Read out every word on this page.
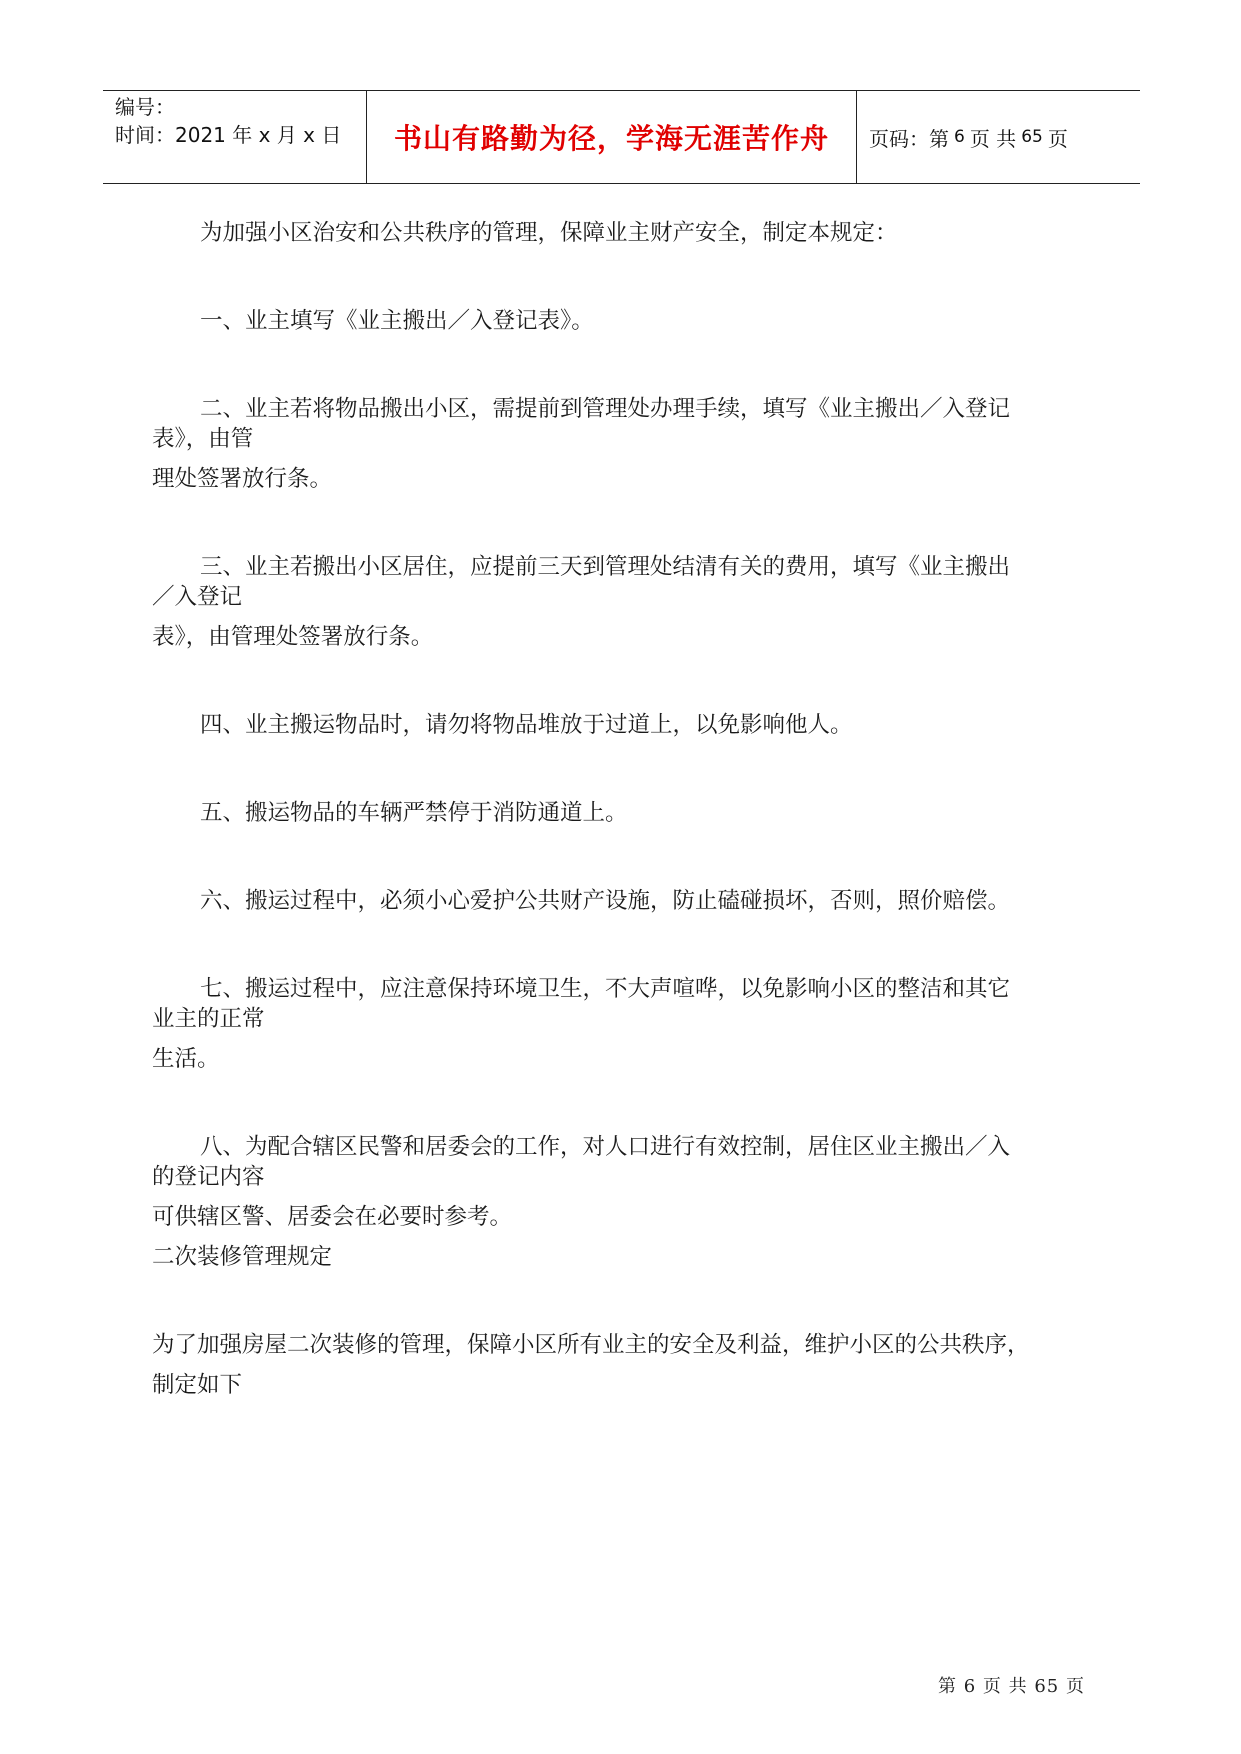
编号：
时间：2021 年 x 月 x 日	书山有路勤为径，学海无涯苦作舟	页码：第 6 页 共 65 页

为加强小区治安和公共秩序的管理，保障业主财产安全，制定本规定：

一、业主填写《业主搬出／入登记表》。

二、业主若将物品搬出小区，需提前到管理处办理手续，填写《业主搬出／入登记
表》，由管
理处签署放行条。
三、业主若搬出小区居住，应提前三天到管理处结清有关的费用，填写《业主搬出
／入登记
表》，由管理处签署放行条。

四、业主搬运物品时，请勿将物品堆放于过道上，以免影响他人。

五、搬运物品的车辆严禁停于消防通道上。

六、搬运过程中，必须小心爱护公共财产设施，防止磕碰损坏，否则，照价赔偿。

七、搬运过程中，应注意保持环境卫生，不大声喧哗，以免影响小区的整洁和其它
业主的正常
生活。
八、为配合辖区民警和居委会的工作，对人口进行有效控制，居住区业主搬出／入
的登记内容
可供辖区警、居委会在必要时参考。

二次装修管理规定

为了加强房屋二次装修的管理，保障小区所有业主的安全及利益，维护小区的公共秩序，
制定如下
第 6 页 共 65 页
